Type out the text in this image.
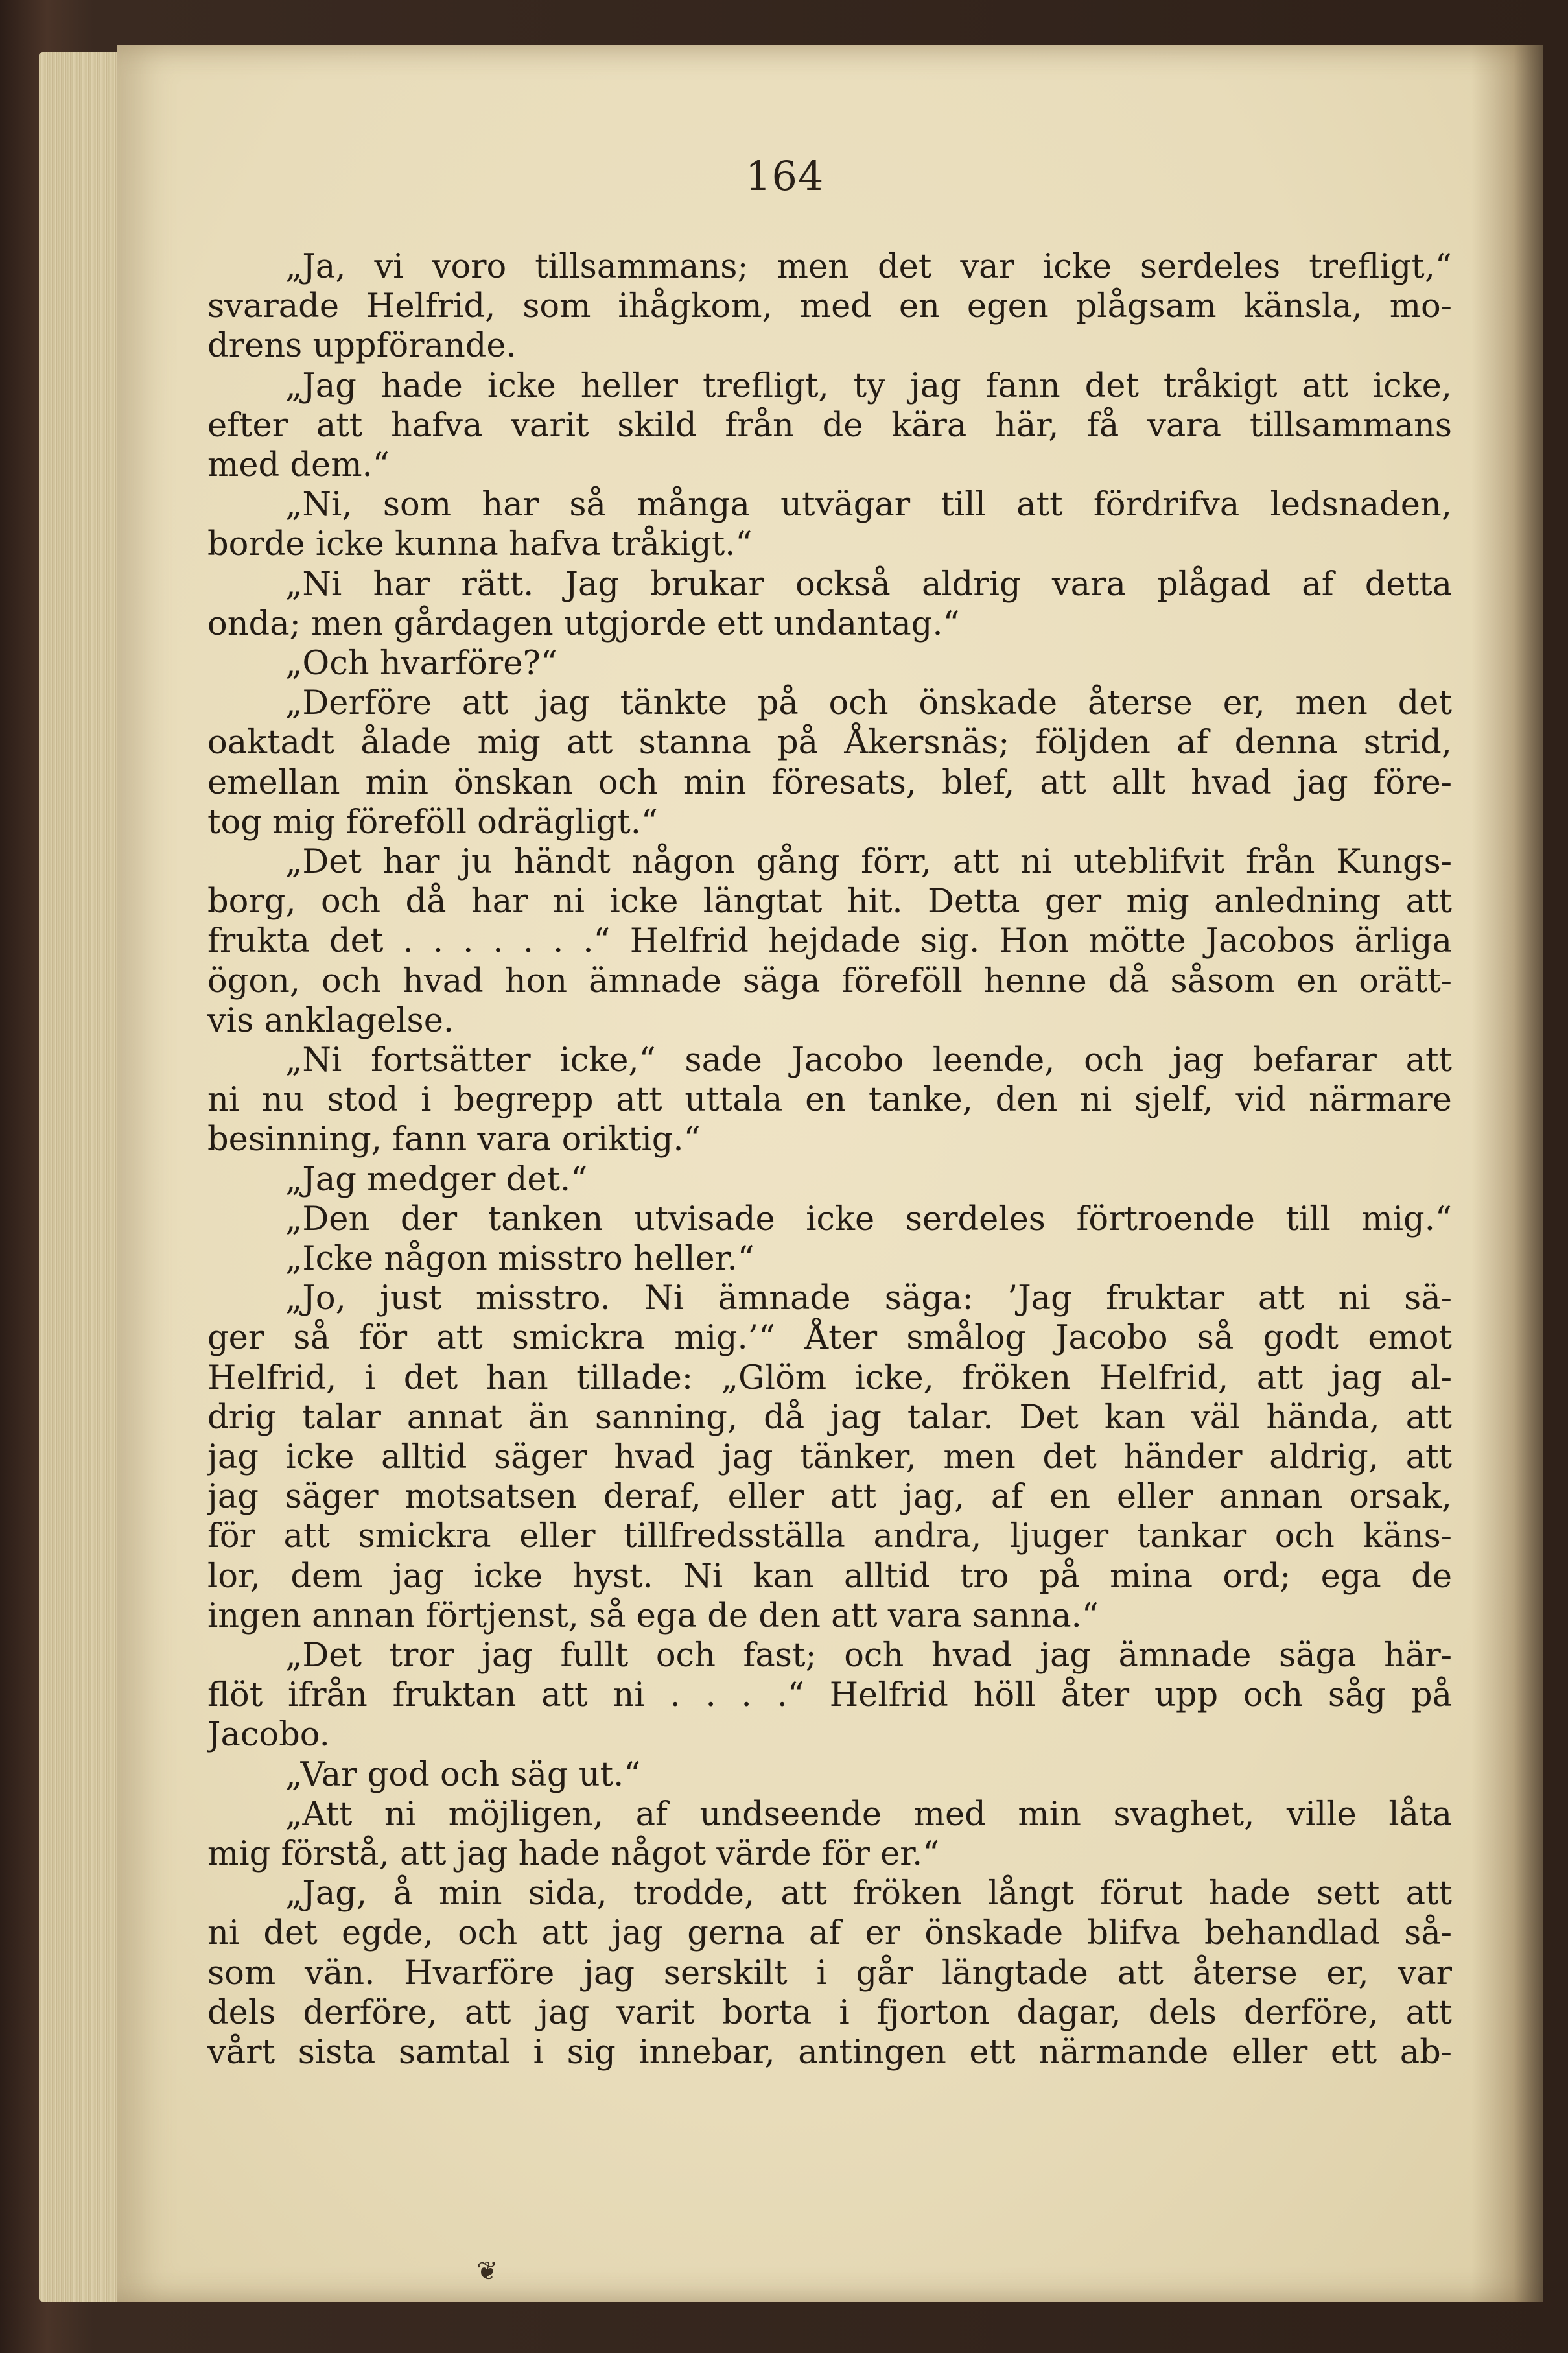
164
„Ja, vi voro tillsammans; men det var icke serdeles trefligt,“
svarade Helfrid, som ihågkom, med en egen plågsam känsla, mo-
drens uppförande.
„Jag hade icke heller trefligt, ty jag fann det tråkigt att icke,
efter att hafva varit skild från de kära här, få vara tillsammans
med dem.“
„Ni, som har så många utvägar till att fördrifva ledsnaden,
borde icke kunna hafva tråkigt.“
„Ni har rätt. Jag brukar också aldrig vara plågad af detta
onda; men gårdagen utgjorde ett undantag.“
„Och hvarföre?“
„Derföre att jag tänkte på och önskade återse er, men det
oaktadt ålade mig att stanna på Åkersnäs; följden af denna strid,
emellan min önskan och min föresats, blef, att allt hvad jag före-
tog mig föreföll odrägligt.“
„Det har ju händt någon gång förr, att ni uteblifvit från Kungs-
borg, och då har ni icke längtat hit. Detta ger mig anledning att
frukta det . . . . . . .“ Helfrid hejdade sig. Hon mötte Jacobos ärliga
ögon, och hvad hon ämnade säga föreföll henne då såsom en orätt-
vis anklagelse.
„Ni fortsätter icke,“ sade Jacobo leende, och jag befarar att
ni nu stod i begrepp att uttala en tanke, den ni sjelf, vid närmare
besinning, fann vara oriktig.“
„Jag medger det.“
„Den der tanken utvisade icke serdeles förtroende till mig.“
„Icke någon misstro heller.“
„Jo, just misstro. Ni ämnade säga: ’Jag fruktar att ni sä-
ger så för att smickra mig.’“ Åter smålog Jacobo så godt emot
Helfrid, i det han tillade: „Glöm icke, fröken Helfrid, att jag al-
drig talar annat än sanning, då jag talar. Det kan väl hända, att
jag icke alltid säger hvad jag tänker, men det händer aldrig, att
jag säger motsatsen deraf, eller att jag, af en eller annan orsak,
för att smickra eller tillfredsställa andra, ljuger tankar och käns-
lor, dem jag icke hyst. Ni kan alltid tro på mina ord; ega de
ingen annan förtjenst, så ega de den att vara sanna.“
„Det tror jag fullt och fast; och hvad jag ämnade säga här-
flöt ifrån fruktan att ni . . . .“ Helfrid höll åter upp och såg på
Jacobo.
„Var god och säg ut.“
„Att ni möjligen, af undseende med min svaghet, ville låta
mig förstå, att jag hade något värde för er.“
„Jag, å min sida, trodde, att fröken långt förut hade sett att
ni det egde, och att jag gerna af er önskade blifva behandlad så-
som vän. Hvarföre jag serskilt i går längtade att återse er, var
dels derföre, att jag varit borta i fjorton dagar, dels derföre, att
vårt sista samtal i sig innebar, antingen ett närmande eller ett ab-
❦
